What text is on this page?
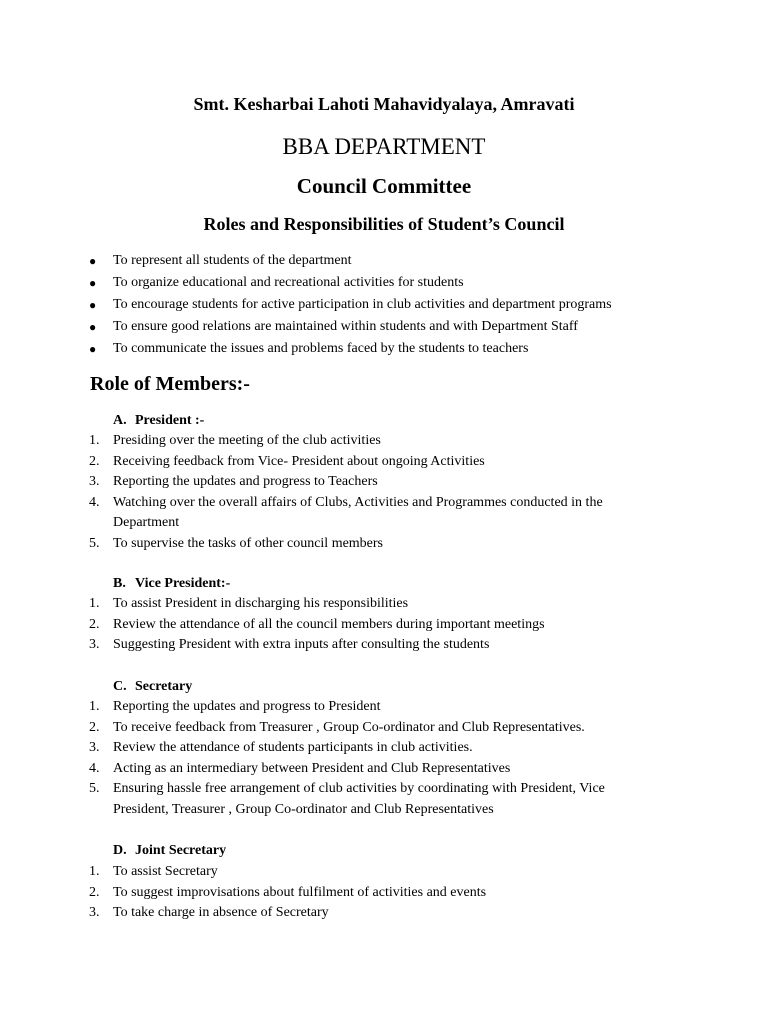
Smt. Kesharbai Lahoti Mahavidyalaya, Amravati
BBA DEPARTMENT
Council Committee
Roles and Responsibilities of Student’s Council
● To represent all students of the department
● To organize educational and recreational activities for students
● To encourage students for active participation in club activities and department programs
● To ensure good relations are maintained within students and with Department Staff
● To communicate the issues and problems faced by the students to teachers
Role of Members:-
A. President :-
1. Presiding over the meeting of the club activities
2. Receiving feedback from Vice- President about ongoing Activities
3. Reporting the updates and progress to Teachers
4. Watching over the overall affairs of Clubs, Activities and Programmes conducted in the Department
5. To supervise the tasks of other council members
B. Vice President:-
1. To assist President in discharging his responsibilities
2. Review the attendance of all the council members during important meetings
3. Suggesting President with extra inputs after consulting the students
C. Secretary
1. Reporting the updates and progress to President
2. To receive feedback from Treasurer , Group Co-ordinator and Club Representatives.
3. Review the attendance of students participants in club activities.
4. Acting as an intermediary between President and Club Representatives
5. Ensuring hassle free arrangement of club activities by coordinating with President, Vice President, Treasurer , Group Co-ordinator and Club Representatives
D. Joint Secretary
1. To assist Secretary
2. To suggest improvisations about fulfilment of activities and events
3. To take charge in absence of Secretary
